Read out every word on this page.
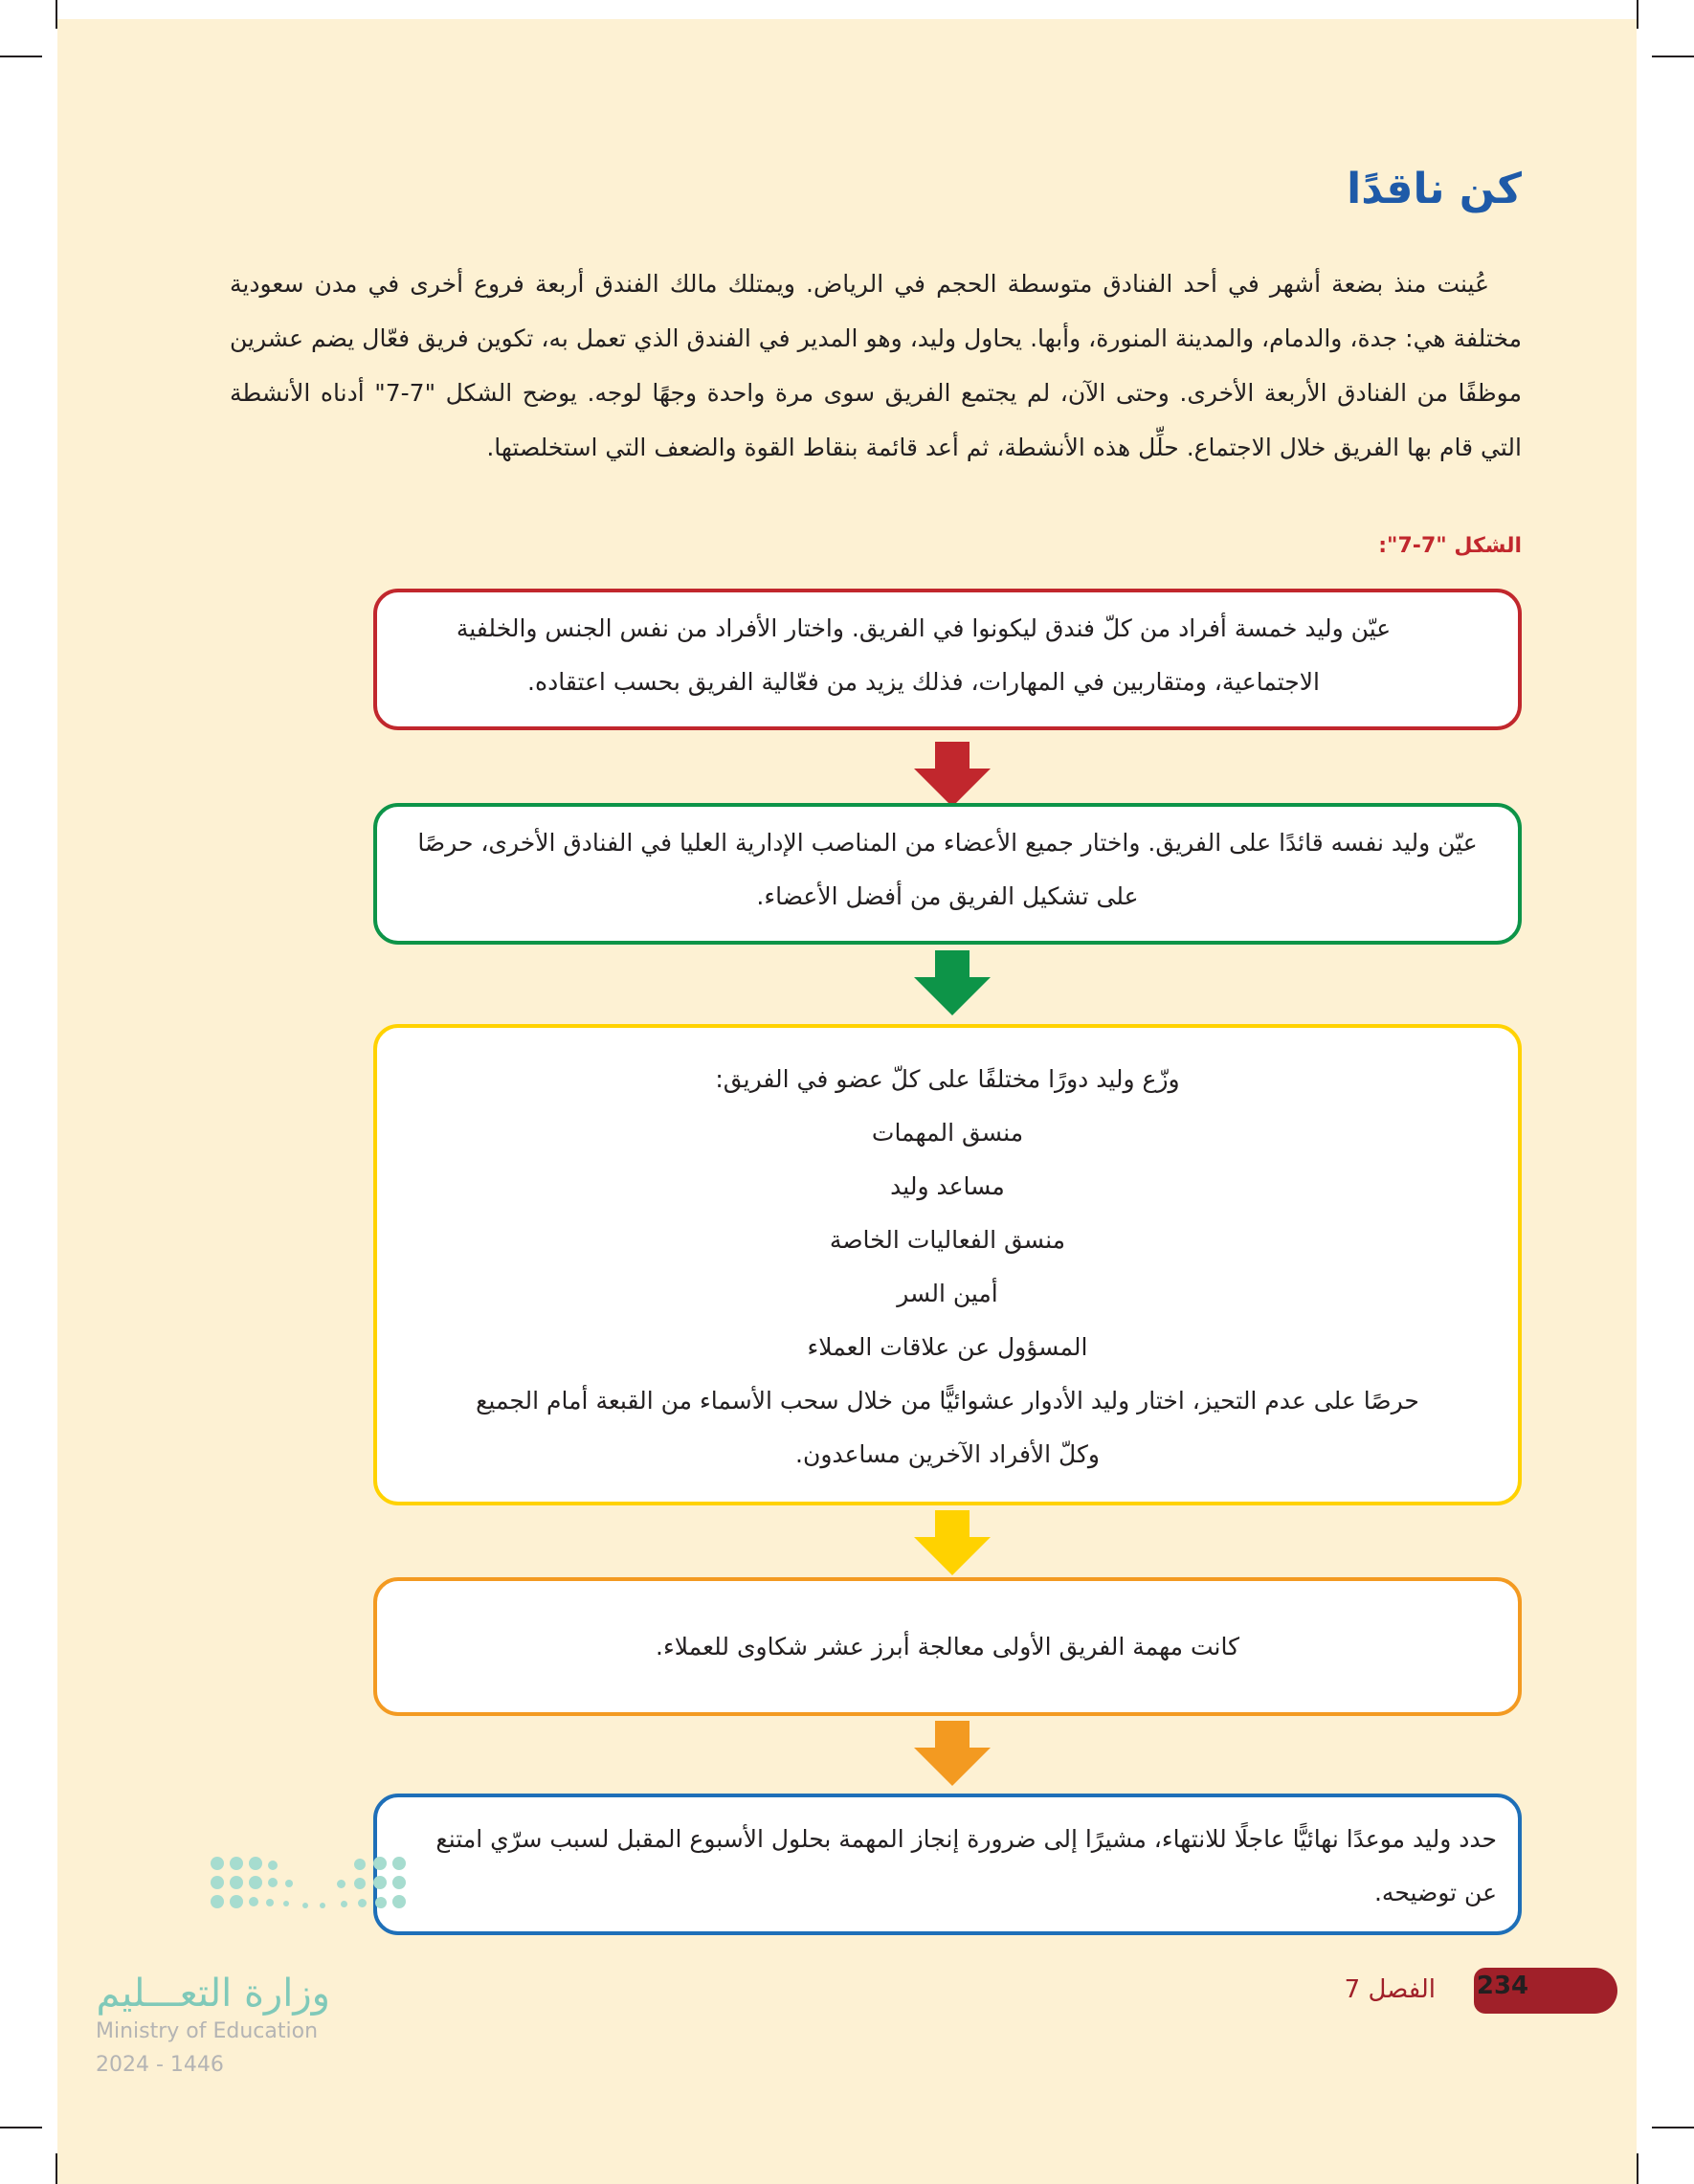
كن ناقدًا

عُينت منذ بضعة أشهر في أحد الفنادق متوسطة الحجم في الرياض. ويمتلك مالك الفندق أربعة فروع أخرى في مدن سعودية مختلفة هي: جدة، والدمام، والمدينة المنورة، وأبها. يحاول وليد، وهو المدير في الفندق الذي تعمل به، تكوين فريق فعّال يضم عشرين موظفًا من الفنادق الأربعة الأخرى. وحتى الآن، لم يجتمع الفريق سوى مرة واحدة وجهًا لوجه. يوضح الشكل "7-7" أدناه الأنشطة التي قام بها الفريق خلال الاجتماع. حلِّل هذه الأنشطة، ثم أعد قائمة بنقاط القوة والضعف التي استخلصتها.

الشكل "7-7":

عيّن وليد خمسة أفراد من كلّ فندق ليكونوا في الفريق. واختار الأفراد من نفس الجنس والخلفية الاجتماعية، ومتقاربين في المهارات، فذلك يزيد من فعّالية الفريق بحسب اعتقاده.

عيّن وليد نفسه قائدًا على الفريق. واختار جميع الأعضاء من المناصب الإدارية العليا في الفنادق الأخرى، حرصًا على تشكيل الفريق من أفضل الأعضاء.

وزّع وليد دورًا مختلفًا على كلّ عضو في الفريق:

منسق المهمات

مساعد وليد

منسق الفعاليات الخاصة

أمين السر

المسؤول عن علاقات العملاء

حرصًا على عدم التحيز، اختار وليد الأدوار عشوائيًّا من خلال سحب الأسماء من القبعة أمام الجميع وكلّ الأفراد الآخرين مساعدون.

كانت مهمة الفريق الأولى معالجة أبرز عشر شكاوى للعملاء.

حدد وليد موعدًا نهائيًّا عاجلًا للانتهاء، مشيرًا إلى ضرورة إنجاز المهمة بحلول الأسبوع المقبل لسبب سرّي امتنع عن توضيحه.

وزارة التعـــليم
Ministry of Education
2024 - 1446
234
الفصل 7
